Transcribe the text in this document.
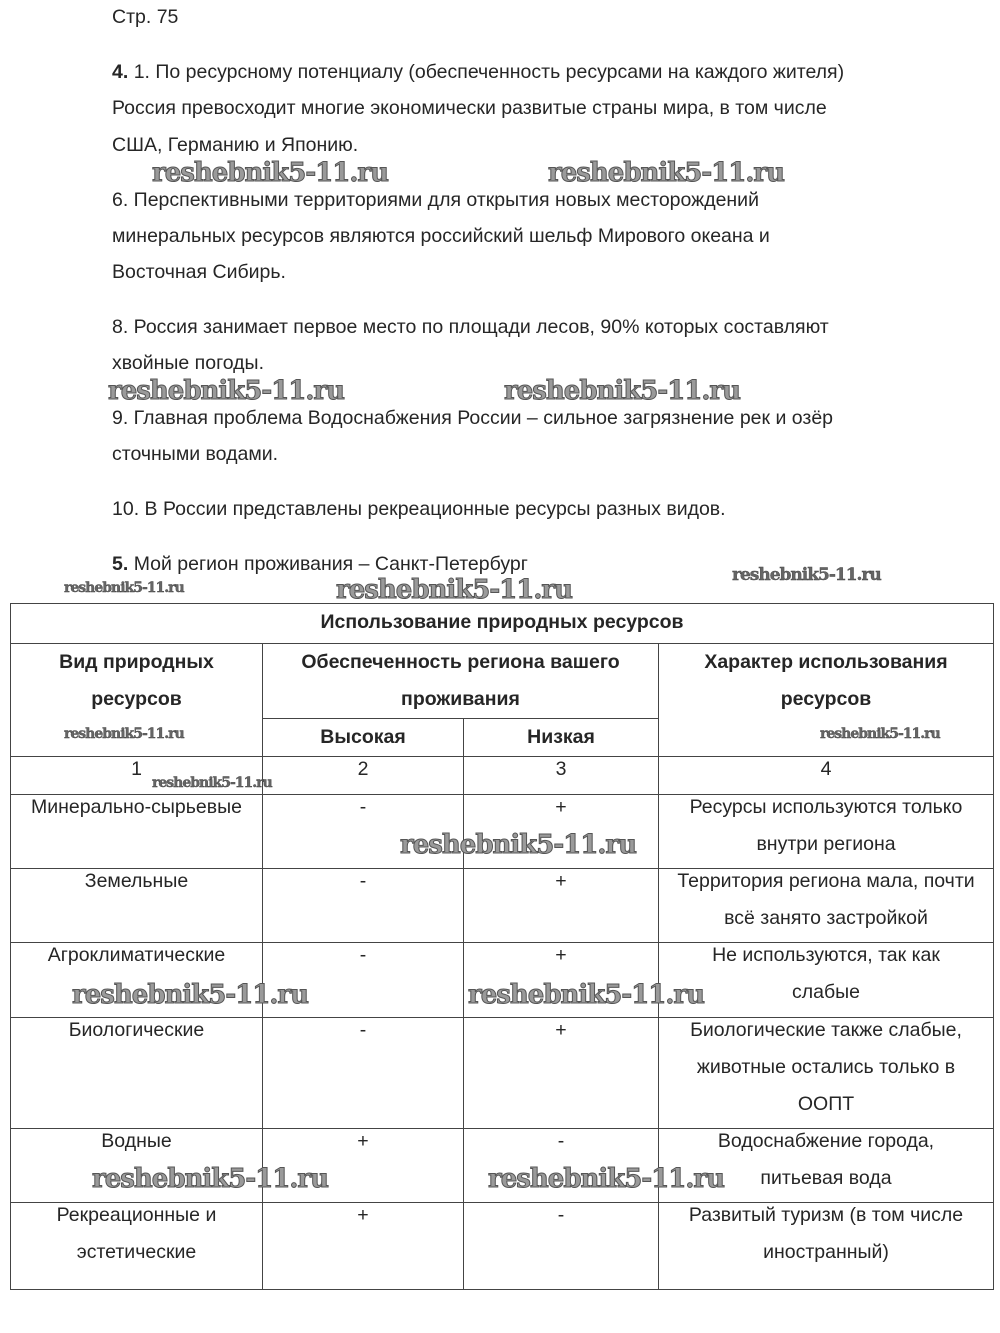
Стр. 75
4. 1. По ресурсному потенциалу (обеспеченность ресурсами на каждого жителя)
Россия превосходит многие экономически развитые страны мира, в том числе
США, Германию и Японию.
6. Перспективными территориями для открытия новых месторождений
минеральных ресурсов являются российский шельф Мирового океана и
Восточная Сибирь.
8. Россия занимает первое место по площади лесов, 90% которых составляют
хвойные погоды.
9. Главная проблема Водоснабжения России – сильное загрязнение рек и озёр
сточными водами.
10. В России представлены рекреационные ресурсы разных видов.
5. Мой регион проживания – Санкт-Петербург
Использование природных ресурсов			
Вид природных ресурсов	Обеспеченность региона вашего проживания		Характер использования ресурсов
	Высокая	Низкая	
1	2	3	4
Минерально-сырьевые	-	+	Ресурсы используются только внутри региона
Земельные	-	+	Территория региона мала, почти всё занято застройкой
Агроклиматические	-	+	Не используются, так как слабые
Биологические	-	+	Биологические также слабые, животные остались только в ООПТ
Водные	+	-	Водоснабжение города, питьевая вода
Рекреационные и эстетические	+	-	Развитый туризм (в том числе иностранный)
reshebnik5-11.ru	reshebnik5-11.ru
reshebnik5-11.ru	reshebnik5-11.ru
reshebnik5-11.ru
reshebnik5-11.ru
reshebnik5-11.ru
reshebnik5-11.ru	reshebnik5-11.ru
reshebnik5-11.ru
reshebnik5-11.ru
reshebnik5-11.ru	reshebnik5-11.ru
reshebnik5-11.ru	reshebnik5-11.ru
